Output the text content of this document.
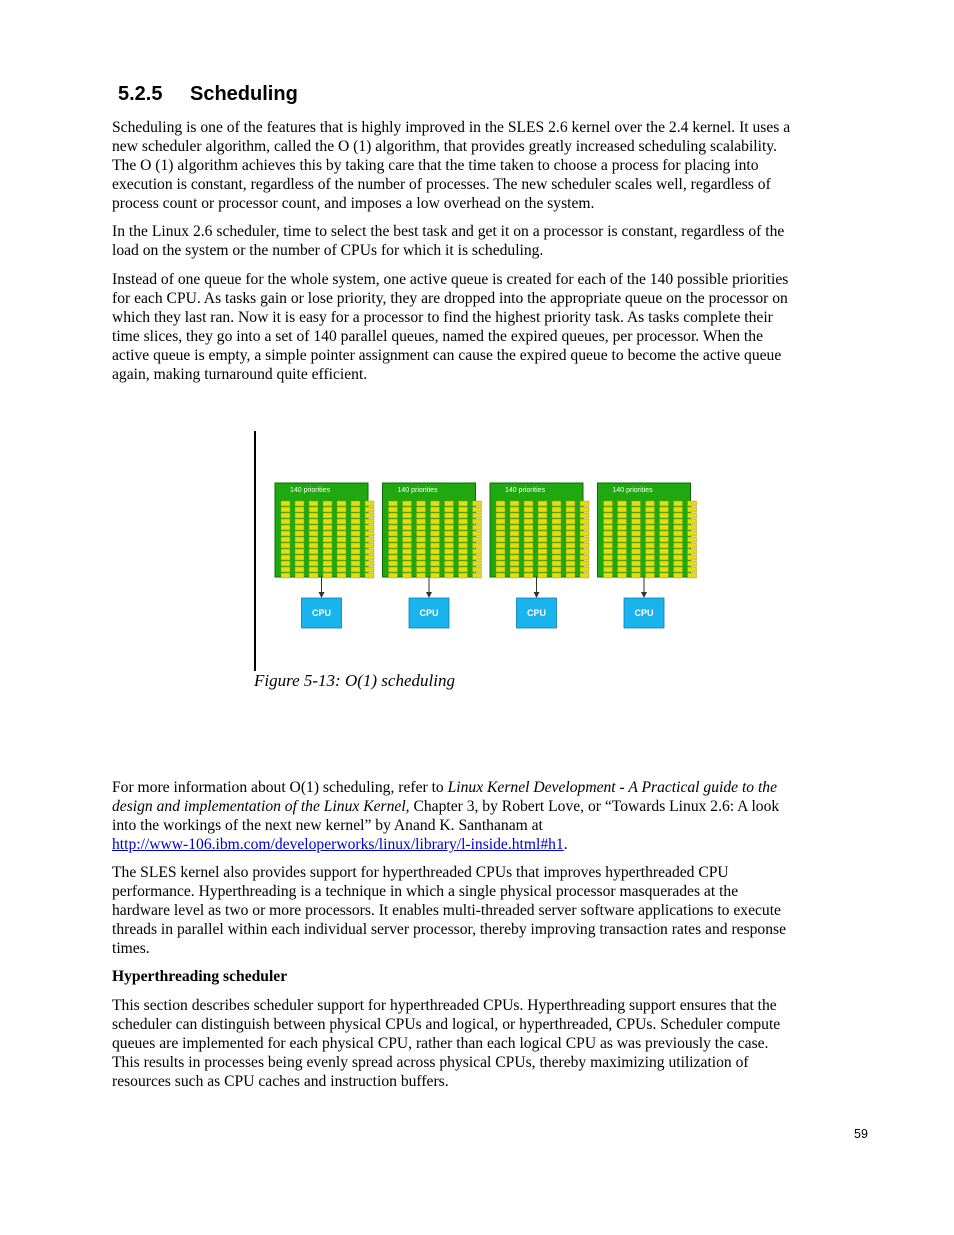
5.2.5 Scheduling
Scheduling is one of the features that is highly improved in the SLES 2.6 kernel over the 2.4 kernel. It uses a
new scheduler algorithm, called the O (1) algorithm, that provides greatly increased scheduling scalability.
The O (1) algorithm achieves this by taking care that the time taken to choose a process for placing into
execution is constant, regardless of the number of processes. The new scheduler scales well, regardless of
process count or processor count, and imposes a low overhead on the system.
In the Linux 2.6 scheduler, time to select the best task and get it on a processor is constant, regardless of the
load on the system or the number of CPUs for which it is scheduling.
Instead of one queue for the whole system, one active queue is created for each of the 140 possible priorities
for each CPU. As tasks gain or lose priority, they are dropped into the appropriate queue on the processor on
which they last ran. Now it is easy for a processor to find the highest priority task. As tasks complete their
time slices, they go into a set of 140 parallel queues, named the expired queues, per processor. When the
active queue is empty, a simple pointer assignment can cause the expired queue to become the active queue
again, making turnaround quite efficient.
140 priorities
CPU
140 priorities
CPU
140 priorities
CPU
140 priorities
CPU
Figure 5-13: O(1) scheduling
For more information about O(1) scheduling, refer to Linux Kernel Development - A Practical guide to the
design and implementation of the Linux Kernel, Chapter 3, by Robert Love, or “Towards Linux 2.6: A look
into the workings of the next new kernel” by Anand K. Santhanam at
http://www-106.ibm.com/developerworks/linux/library/l-inside.html#h1.
The SLES kernel also provides support for hyperthreaded CPUs that improves hyperthreaded CPU
performance. Hyperthreading is a technique in which a single physical processor masquerades at the
hardware level as two or more processors. It enables multi-threaded server software applications to execute
threads in parallel within each individual server processor, thereby improving transaction rates and response
times.
Hyperthreading scheduler
This section describes scheduler support for hyperthreaded CPUs. Hyperthreading support ensures that the
scheduler can distinguish between physical CPUs and logical, or hyperthreaded, CPUs. Scheduler compute
queues are implemented for each physical CPU, rather than each logical CPU as was previously the case.
This results in processes being evenly spread across physical CPUs, thereby maximizing utilization of
resources such as CPU caches and instruction buffers.
59
